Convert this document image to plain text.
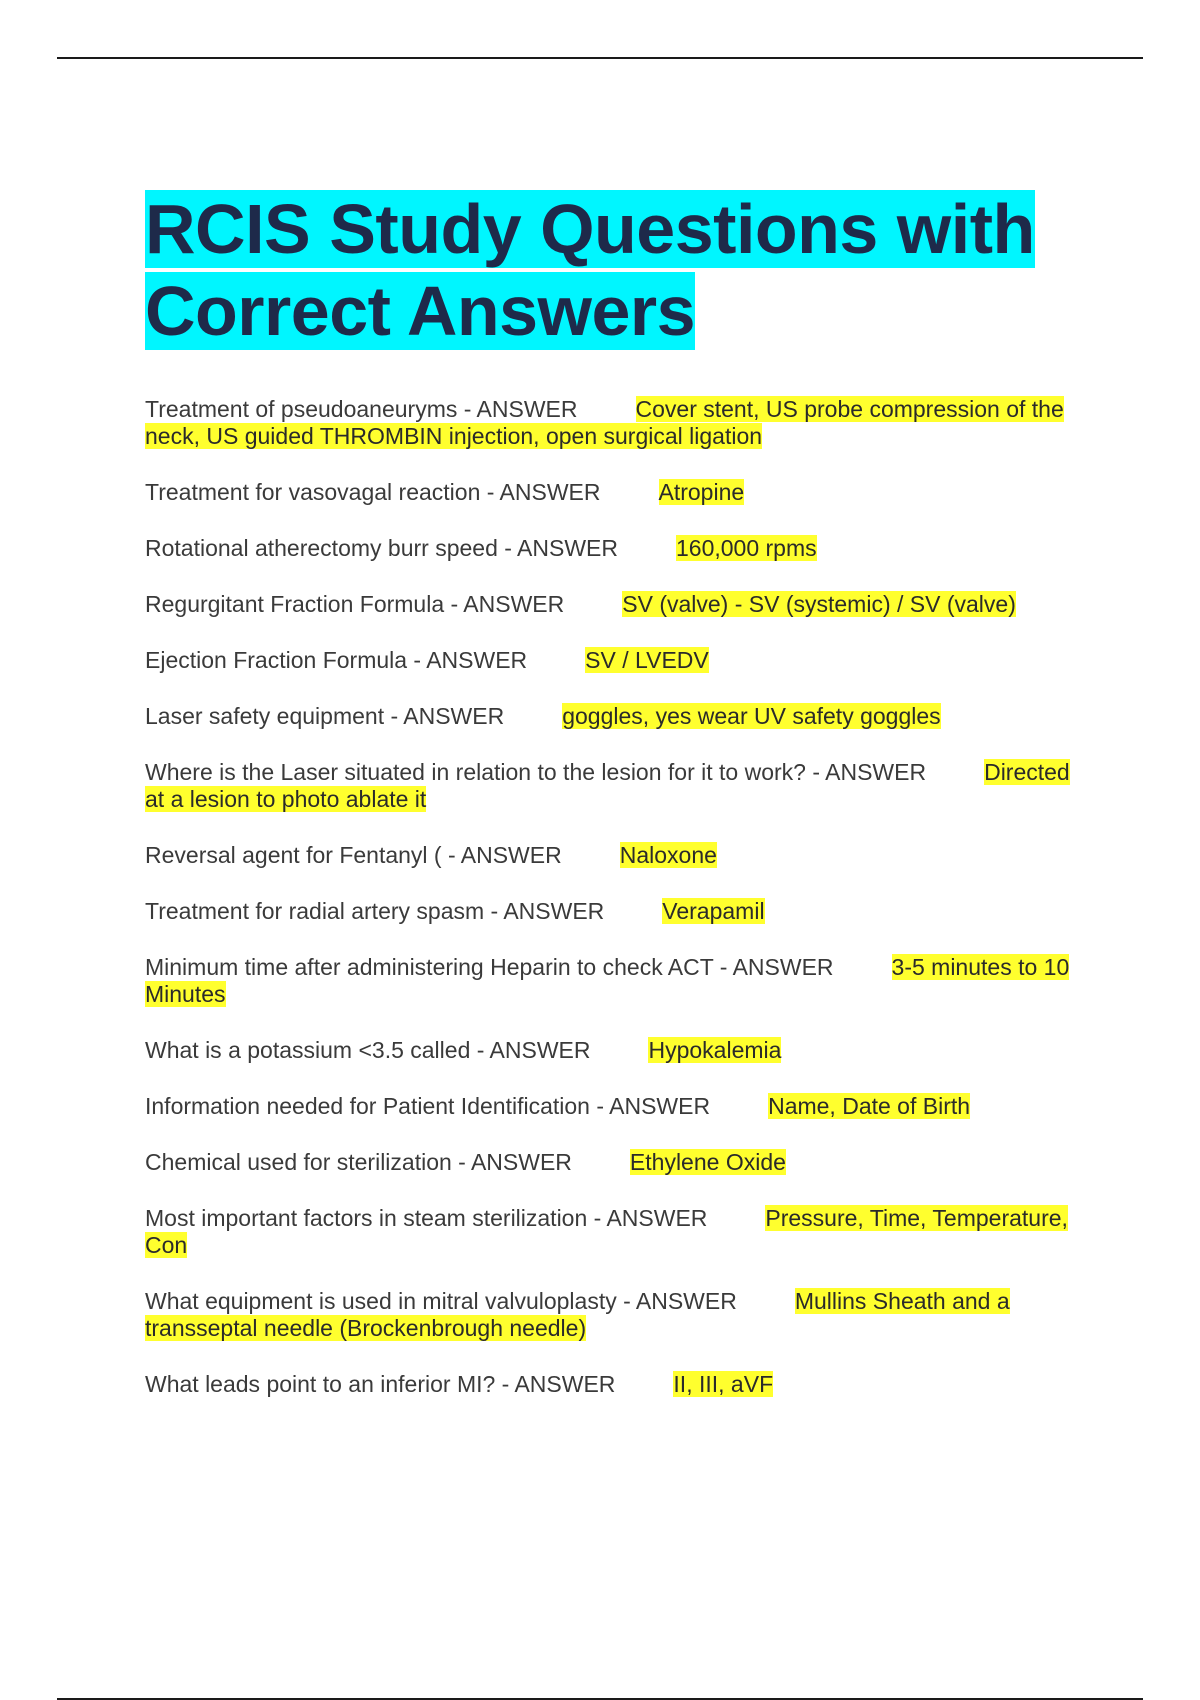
RCIS Study Questions with Correct Answers

Treatment of pseudoaneuryms - ANSWER	Cover stent, US probe compression of the neck, US guided THROMBIN injection, open surgical ligation

Treatment for vasovagal reaction - ANSWER	Atropine

Rotational atherectomy burr speed - ANSWER	160,000 rpms

Regurgitant Fraction Formula - ANSWER	SV (valve) - SV (systemic) / SV (valve)

Ejection Fraction Formula - ANSWER	SV / LVEDV

Laser safety equipment - ANSWER	goggles, yes wear UV safety goggles

Where is the Laser situated in relation to the lesion for it to work? - ANSWER	Directed at a lesion to photo ablate it

Reversal agent for Fentanyl ( - ANSWER	Naloxone

Treatment for radial artery spasm - ANSWER	Verapamil

Minimum time after administering Heparin to check ACT - ANSWER	3-5 minutes to 10 Minutes

What is a potassium <3.5 called - ANSWER	Hypokalemia

Information needed for Patient Identification - ANSWER	Name, Date of Birth

Chemical used for sterilization - ANSWER	Ethylene Oxide

Most important factors in steam sterilization - ANSWER	Pressure, Time, Temperature, Con

What equipment is used in mitral valvuloplasty - ANSWER	Mullins Sheath and a transseptal needle (Brockenbrough needle)

What leads point to an inferior MI? - ANSWER	II, III, aVF
